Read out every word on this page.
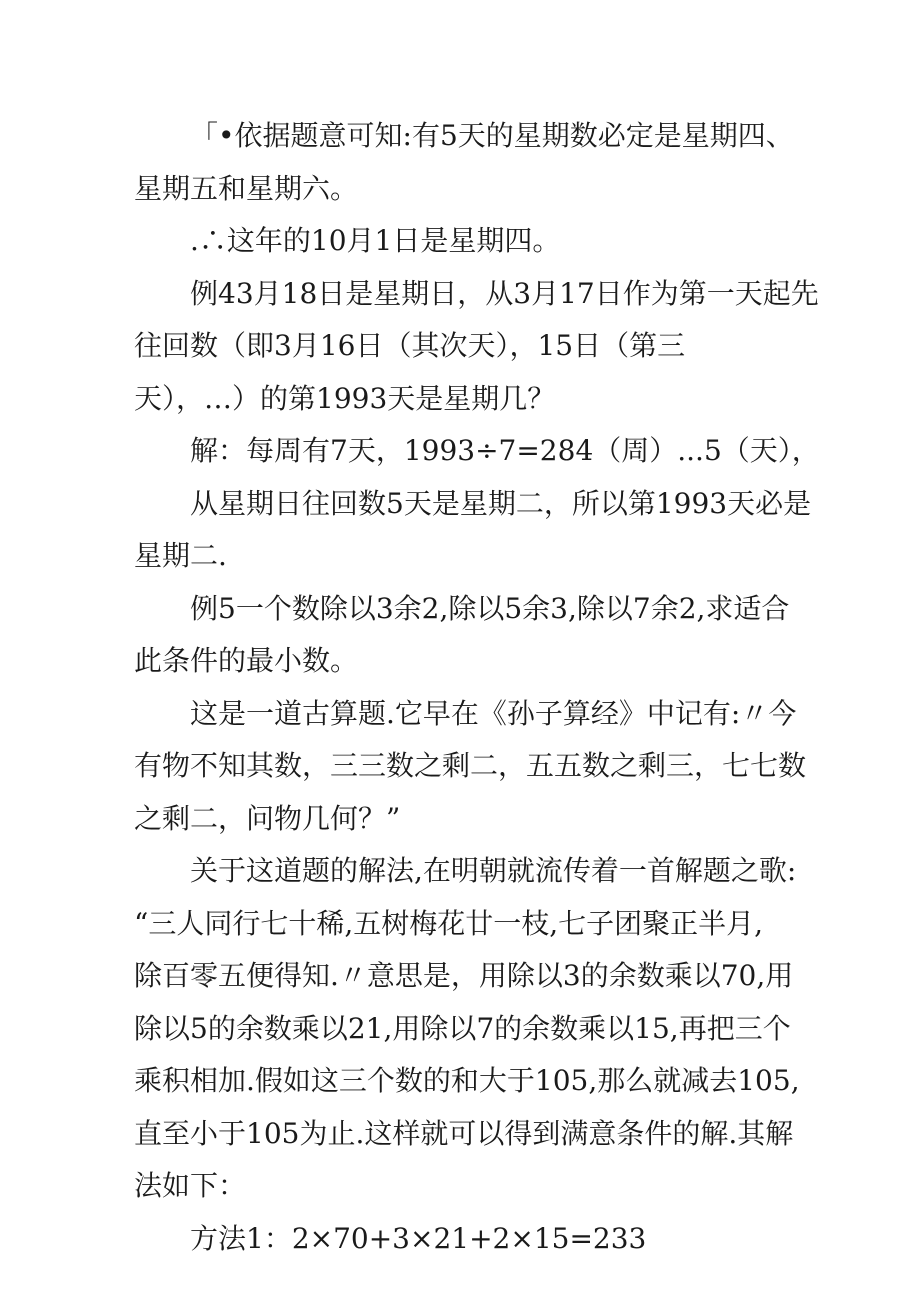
「•依据题意可知:有5天的星期数必定是星期四、
星期五和星期六。
.∴这年的10月1日是星期四。
例43月18日是星期日，从3月17日作为第一天起先
往回数（即3月16日（其次天），15日（第三
天），…）的第1993天是星期几？
解：每周有7天，1993÷7=284（周）...5（天），
从星期日往回数5天是星期二，所以第1993天必是
星期二.
例5一个数除以3余2,除以5余3,除以7余2,求适合
此条件的最小数。
这是一道古算题.它早在《孙子算经》中记有:〃今
有物不知其数，三三数之剩二，五五数之剩三，七七数
之剩二，问物几何？”
关于这道题的解法,在明朝就流传着一首解题之歌:
“三人同行七十稀,五树梅花廿一枝,七子团聚正半月,
除百零五便得知.〃意思是，用除以3的余数乘以70,用
除以5的余数乘以21,用除以7的余数乘以15,再把三个
乘积相加.假如这三个数的和大于105,那么就减去105,
直至小于105为止.这样就可以得到满意条件的解.其解
法如下：
方法1：2×70+3×21+2×15=233
